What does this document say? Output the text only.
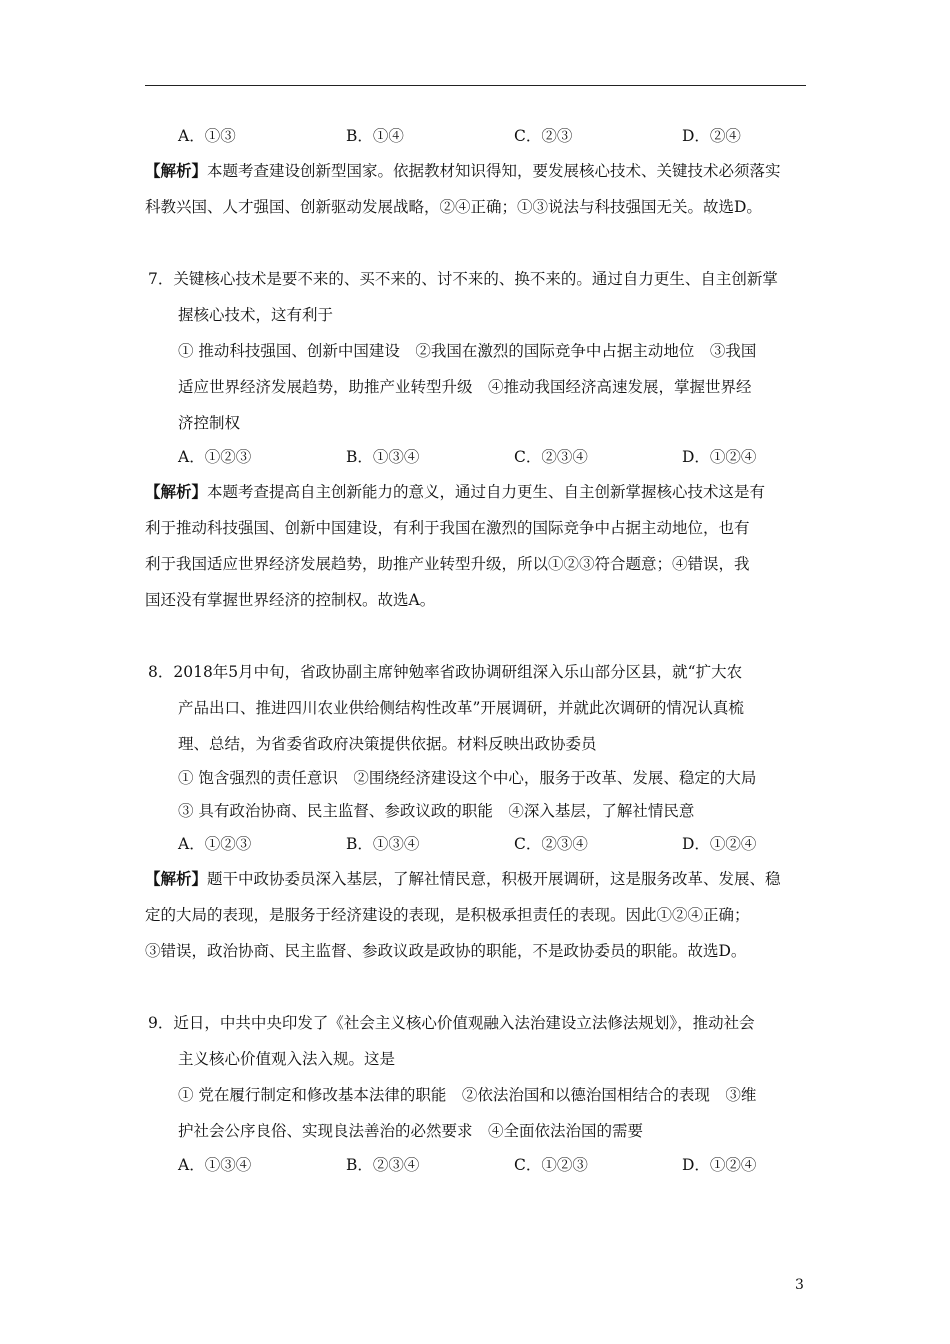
A．①③	B．①④	C．②③	D．②④
【解析】本题考查建设创新型国家。依据教材知识得知，要发展核心技术、关键技术必须落实
科教兴国、人才强国、创新驱动发展战略，②④正确；①③说法与科技强国无关。故选D。
7．关键核心技术是要不来的、买不来的、讨不来的、换不来的。通过自力更生、自主创新掌
握核心技术，这有利于
① 推动科技强国、创新中国建设　②我国在激烈的国际竞争中占据主动地位　③我国
适应世界经济发展趋势，助推产业转型升级　④推动我国经济高速发展，掌握世界经
济控制权
A．①②③	B．①③④	C．②③④	D．①②④
【解析】本题考查提高自主创新能力的意义，通过自力更生、自主创新掌握核心技术这是有
利于推动科技强国、创新中国建设，有利于我国在激烈的国际竞争中占据主动地位，也有
利于我国适应世界经济发展趋势，助推产业转型升级，所以①②③符合题意；④错误，我
国还没有掌握世界经济的控制权。故选A。
8．2018年5月中旬，省政协副主席钟勉率省政协调研组深入乐山部分区县，就“扩大农
产品出口、推进四川农业供给侧结构性改革”开展调研，并就此次调研的情况认真梳
理、总结，为省委省政府决策提供依据。材料反映出政协委员
① 饱含强烈的责任意识　②围绕经济建设这个中心，服务于改革、发展、稳定的大局
③ 具有政治协商、民主监督、参政议政的职能　④深入基层，了解社情民意
A．①②③	B．①③④	C．②③④	D．①②④
【解析】题干中政协委员深入基层，了解社情民意，积极开展调研，这是服务改革、发展、稳
定的大局的表现，是服务于经济建设的表现，是积极承担责任的表现。因此①②④正确；
③错误，政治协商、民主监督、参政议政是政协的职能，不是政协委员的职能。故选D。
9．近日，中共中央印发了《社会主义核心价值观融入法治建设立法修法规划》，推动社会
主义核心价值观入法入规。这是
① 党在履行制定和修改基本法律的职能　②依法治国和以德治国相结合的表现　③维
护社会公序良俗、实现良法善治的必然要求　④全面依法治国的需要
A．①③④	B．②③④	C．①②③	D．①②④
3
